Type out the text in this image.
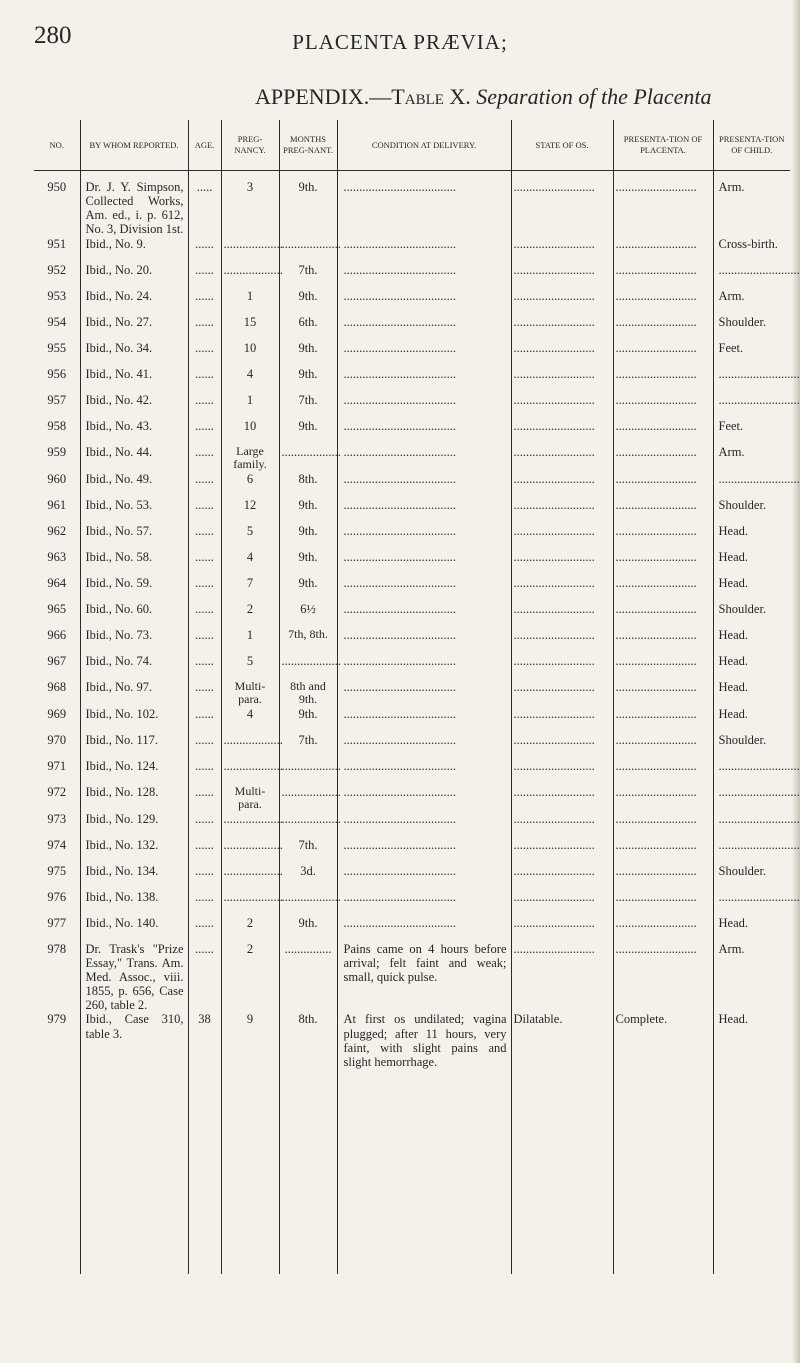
280	PLACENTA PRÆVIA;
APPENDIX.—Table X. Separation of the Placenta
NO.	BY WHOM REPORTED.	AGE.	PREG-NANCY.	MONTHS PREG-NANT.	CONDITION AT DELIVERY.	STATE OF OS.	PRESENTA-TION OF PLACENTA.	PRESENTA-TION OF CHILD.
950	Dr. J. Y. Simpson, Collected Works, Am. ed., i. p. 612, No. 3, Division 1st.	.....	3	9th.	....................................	..........................	..........................	Arm.
951	Ibid., No. 9.	......	...................	...................	....................................	..........................	..........................	Cross-birth.
952	Ibid., No. 20.	......	...................	7th.	....................................	..........................	..........................	..........................
953	Ibid., No. 24.	......	1	9th.	....................................	..........................	..........................	Arm.
954	Ibid., No. 27.	......	15	6th.	....................................	..........................	..........................	Shoulder.
955	Ibid., No. 34.	......	10	9th.	....................................	..........................	..........................	Feet.
956	Ibid., No. 41.	......	4	9th.	....................................	..........................	..........................	..........................
957	Ibid., No. 42.	......	1	7th.	....................................	..........................	..........................	..........................
958	Ibid., No. 43.	......	10	9th.	....................................	..........................	..........................	Feet.
959	Ibid., No. 44.	......	Large family.	...................	....................................	..........................	..........................	Arm.
960	Ibid., No. 49.	......	6	8th.	....................................	..........................	..........................	..........................
961	Ibid., No. 53.	......	12	9th.	....................................	..........................	..........................	Shoulder.
962	Ibid., No. 57.	......	5	9th.	....................................	..........................	..........................	Head.
963	Ibid., No. 58.	......	4	9th.	....................................	..........................	..........................	Head.
964	Ibid., No. 59.	......	7	9th.	....................................	..........................	..........................	Head.
965	Ibid., No. 60.	......	2	6½	....................................	..........................	..........................	Shoulder.
966	Ibid., No. 73.	......	1	7th, 8th.	....................................	..........................	..........................	Head.
967	Ibid., No. 74.	......	5	...................	....................................	..........................	..........................	Head.
968	Ibid., No. 97.	......	Multi-para.	8th and 9th.	....................................	..........................	..........................	Head.
969	Ibid., No. 102.	......	4	9th.	....................................	..........................	..........................	Head.
970	Ibid., No. 117.	......	...................	7th.	....................................	..........................	..........................	Shoulder.
971	Ibid., No. 124.	......	...................	...................	....................................	..........................	..........................	..........................
972	Ibid., No. 128.	......	Multi-para.	...................	....................................	..........................	..........................	..........................
973	Ibid., No. 129.	......	...................	...................	....................................	..........................	..........................	..........................
974	Ibid., No. 132.	......	...................	7th.	....................................	..........................	..........................	..........................
975	Ibid., No. 134.	......	...................	3d.	....................................	..........................	..........................	Shoulder.
976	Ibid., No. 138.	......	...................	...................	....................................	..........................	..........................	..........................
977	Ibid., No. 140.	......	2	9th.	....................................	..........................	..........................	Head.
978	Dr. Trask's "Prize Essay," Trans. Am. Med. Assoc., viii. 1855, p. 656, Case 260, table 2.	......	2	...............	Pains came on 4 hours before arrival; felt faint and weak; small, quick pulse.	..........................	..........................	Arm.
979	Ibid., Case 310, table 3.	38	9	8th.	At first os undilated; vagina plugged; after 11 hours, very faint, with slight pains and slight hemorrhage.	Dilatable.	Complete.	Head.
